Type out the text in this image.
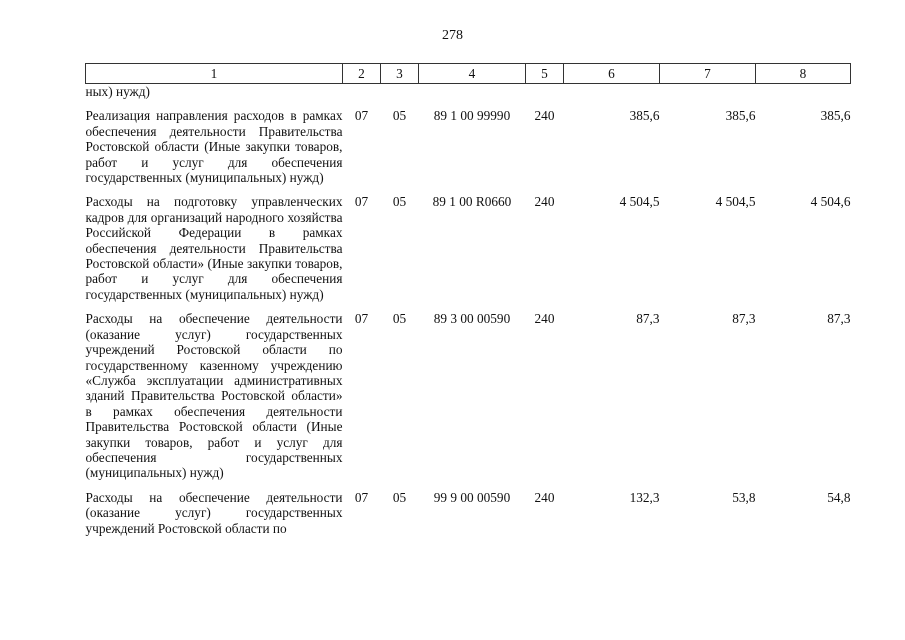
278
1	2	3	4	5	6	7	8
ных) нужд)							
Реализация направления расходов в рамках обеспечения деятельности Правительства Ростовской области (Иные закупки товаров, работ и услуг для обеспечения государственных (муниципальных) нужд)	07	05	89 1 00 99990	240	385,6	385,6	385,6
Расходы на подготовку управленческих кадров для организаций народного хозяйства Российской Федерации в рамках обеспечения деятельности Правительства Ростовской области» (Иные закупки товаров, работ и услуг для обеспечения государственных (муниципальных) нужд)	07	05	89 1 00 R0660	240	4 504,5	4 504,5	4 504,6
Расходы на обеспечение деятельности (оказание услуг) государственных учреждений Ростовской области по государственному казенному учреждению «Служба эксплуатации административных зданий Правительства Ростовской области» в рамках обеспечения деятельности Правительства Ростовской области (Иные закупки товаров, работ и услуг для обеспечения государственных (муниципальных) нужд)	07	05	89 3 00 00590	240	87,3	87,3	87,3
Расходы на обеспечение деятельности (оказание услуг) государственных учреждений Ростовской области по	07	05	99 9 00 00590	240	132,3	53,8	54,8
